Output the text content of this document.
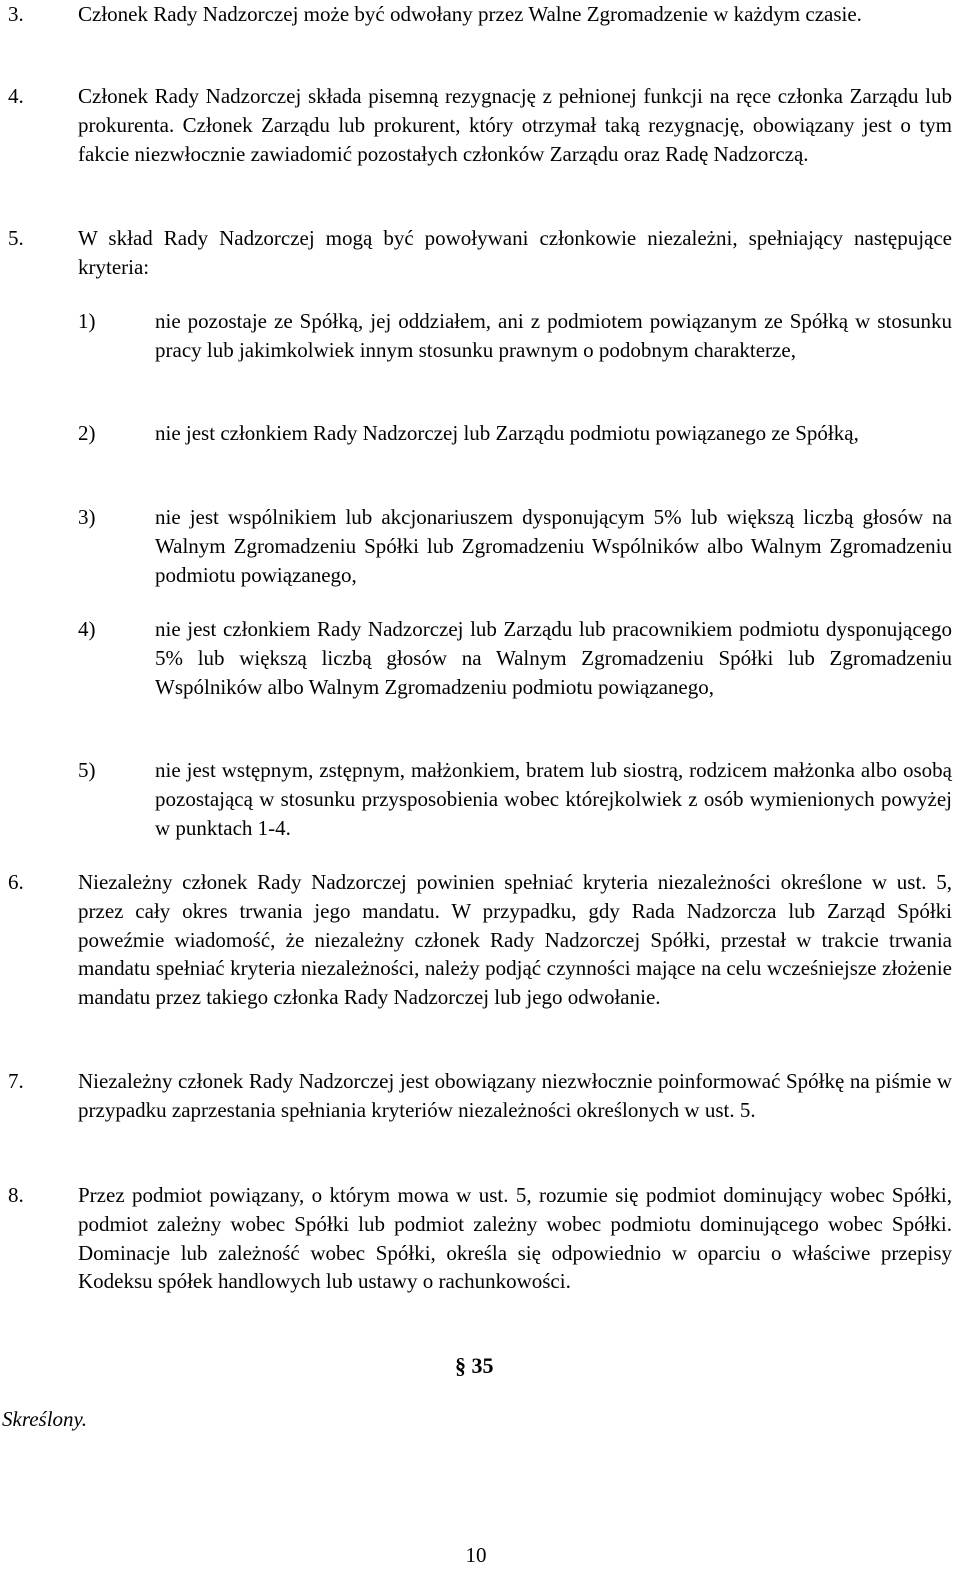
3.	Członek Rady Nadzorczej może być odwołany przez Walne Zgromadzenie w każdym czasie.
4.	Członek Rady Nadzorczej składa pisemną rezygnację z pełnionej funkcji na ręce członka Zarządu lub prokurenta. Członek Zarządu lub prokurent, który otrzymał taką rezygnację, obowiązany jest o tym fakcie niezwłocznie zawiadomić pozostałych członków Zarządu oraz Radę Nadzorczą.
5.	W skład Rady Nadzorczej mogą być powoływani członkowie niezależni, spełniający następujące kryteria:
1)	nie pozostaje ze Spółką, jej oddziałem, ani z podmiotem powiązanym ze Spółką w stosunku pracy lub jakimkolwiek innym stosunku prawnym o podobnym charakterze,
2)	nie jest członkiem Rady Nadzorczej lub Zarządu podmiotu powiązanego ze Spółką,
3)	nie jest wspólnikiem lub akcjonariuszem dysponującym 5% lub większą liczbą głosów na Walnym Zgromadzeniu Spółki lub Zgromadzeniu Wspólników albo Walnym Zgromadzeniu podmiotu powiązanego,
4)	nie jest członkiem Rady Nadzorczej lub Zarządu lub pracownikiem podmiotu dysponującego 5% lub większą liczbą głosów na Walnym Zgromadzeniu Spółki lub Zgromadzeniu Wspólników albo Walnym Zgromadzeniu podmiotu powiązanego,
5)	nie jest wstępnym, zstępnym, małżonkiem, bratem lub siostrą, rodzicem małżonka albo osobą pozostającą w stosunku przysposobienia wobec którejkolwiek z osób wymienionych powyżej w punktach 1-4.
6.	Niezależny członek Rady Nadzorczej powinien spełniać kryteria niezależności określone w ust. 5, przez cały okres trwania jego mandatu. W przypadku, gdy Rada Nadzorcza lub Zarząd Spółki poweźmie wiadomość, że niezależny członek Rady Nadzorczej Spółki, przestał w trakcie trwania mandatu spełniać kryteria niezależności, należy podjąć czynności mające na celu wcześniejsze złożenie mandatu przez takiego członka Rady Nadzorczej lub jego odwołanie.
7.	Niezależny członek Rady Nadzorczej jest obowiązany niezwłocznie poinformować Spółkę na piśmie w przypadku zaprzestania spełniania kryteriów niezależności określonych w ust. 5.
8.	Przez podmiot powiązany, o którym mowa w ust. 5, rozumie się podmiot dominujący wobec Spółki, podmiot zależny wobec Spółki lub podmiot zależny wobec podmiotu dominującego wobec Spółki. Dominacje lub zależność wobec Spółki, określa się odpowiednio w oparciu o właściwe przepisy Kodeksu spółek handlowych lub ustawy o rachunkowości.
§ 35
Skreślony.
10
